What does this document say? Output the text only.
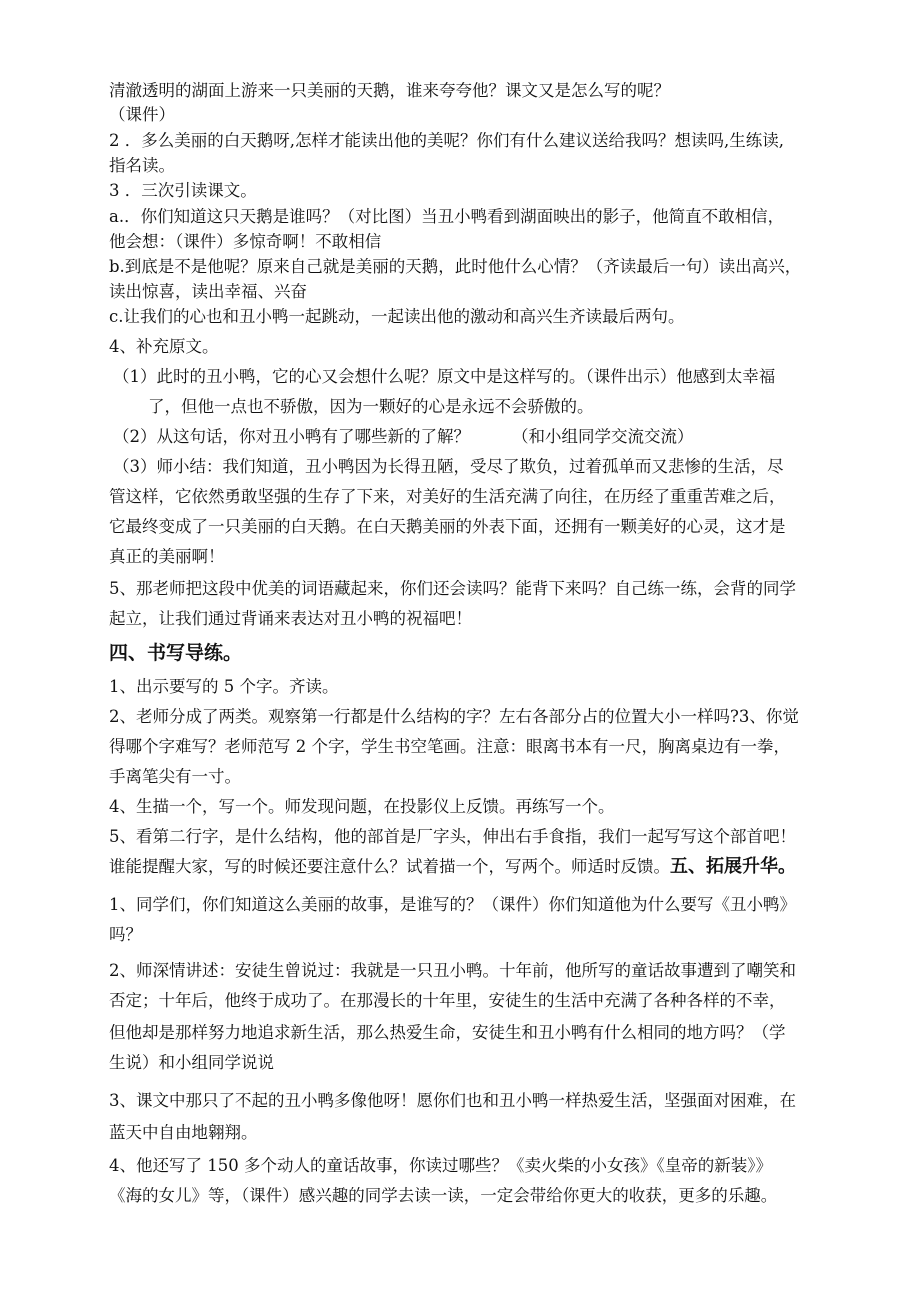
清澈透明的湖面上游来一只美丽的天鹅，谁来夸夸他？课文又是怎么写的呢？
（课件）
2 ．多么美丽的白天鹅呀,怎样才能读出他的美呢？你们有什么建议送给我吗？想读吗,生练读,
指名读。
3 ．三次引读课文。
a.．你们知道这只天鹅是谁吗？（对比图）当丑小鸭看到湖面映出的影子，他简直不敢相信，
他会想：（课件）多惊奇啊！不敢相信
b.到底是不是他呢？原来自己就是美丽的天鹅，此时他什么心情？（齐读最后一句）读出高兴，
读出惊喜，读出幸福、兴奋
c.让我们的心也和丑小鸭一起跳动，一起读出他的激动和高兴生齐读最后两句。
4、补充原文。
（1）此时的丑小鸭，它的心又会想什么呢？原文中是这样写的。（课件出示）他感到太幸福
了，但他一点也不骄傲，因为一颗好的心是永远不会骄傲的。
（2）从这句话，你对丑小鸭有了哪些新的了解？	（和小组同学交流交流）
（3）师小结：我们知道，丑小鸭因为长得丑陋，受尽了欺负，过着孤单而又悲惨的生活，尽
管这样，它依然勇敢坚强的生存了下来，对美好的生活充满了向往，在历经了重重苦难之后，
它最终变成了一只美丽的白天鹅。在白天鹅美丽的外表下面，还拥有一颗美好的心灵，这才是
真正的美丽啊！
5、那老师把这段中优美的词语藏起来，你们还会读吗？能背下来吗？自己练一练，会背的同学
起立，让我们通过背诵来表达对丑小鸭的祝福吧！
四、书写导练。
1、出示要写的 5 个字。齐读。
2、老师分成了两类。观察第一行都是什么结构的字？左右各部分占的位置大小一样吗?3、你觉
得哪个字难写？老师范写 2 个字，学生书空笔画。注意：眼离书本有一尺，胸离桌边有一拳，
手离笔尖有一寸。
4、生描一个，写一个。师发现问题，在投影仪上反馈。再练写一个。
5、看第二行字，是什么结构，他的部首是厂字头，伸出右手食指，我们一起写写这个部首吧！
谁能提醒大家，写的时候还要注意什么？试着描一个，写两个。师适时反馈。五、拓展升华。
1、同学们，你们知道这么美丽的故事，是谁写的？（课件）你们知道他为什么要写《丑小鸭》
吗？
2、师深情讲述：安徒生曾说过：我就是一只丑小鸭。十年前，他所写的童话故事遭到了嘲笑和
否定；十年后，他终于成功了。在那漫长的十年里，安徒生的生活中充满了各种各样的不幸，
但他却是那样努力地追求新生活，那么热爱生命，安徒生和丑小鸭有什么相同的地方吗？（学
生说）和小组同学说说
3、课文中那只了不起的丑小鸭多像他呀！愿你们也和丑小鸭一样热爱生活，坚强面对困难，在
蓝天中自由地翱翔。
4、他还写了 150 多个动人的童话故事，你读过哪些？《卖火柴的小女孩》《皇帝的新装》》
《海的女儿》等，（课件）感兴趣的同学去读一读，一定会带给你更大的收获，更多的乐趣。
